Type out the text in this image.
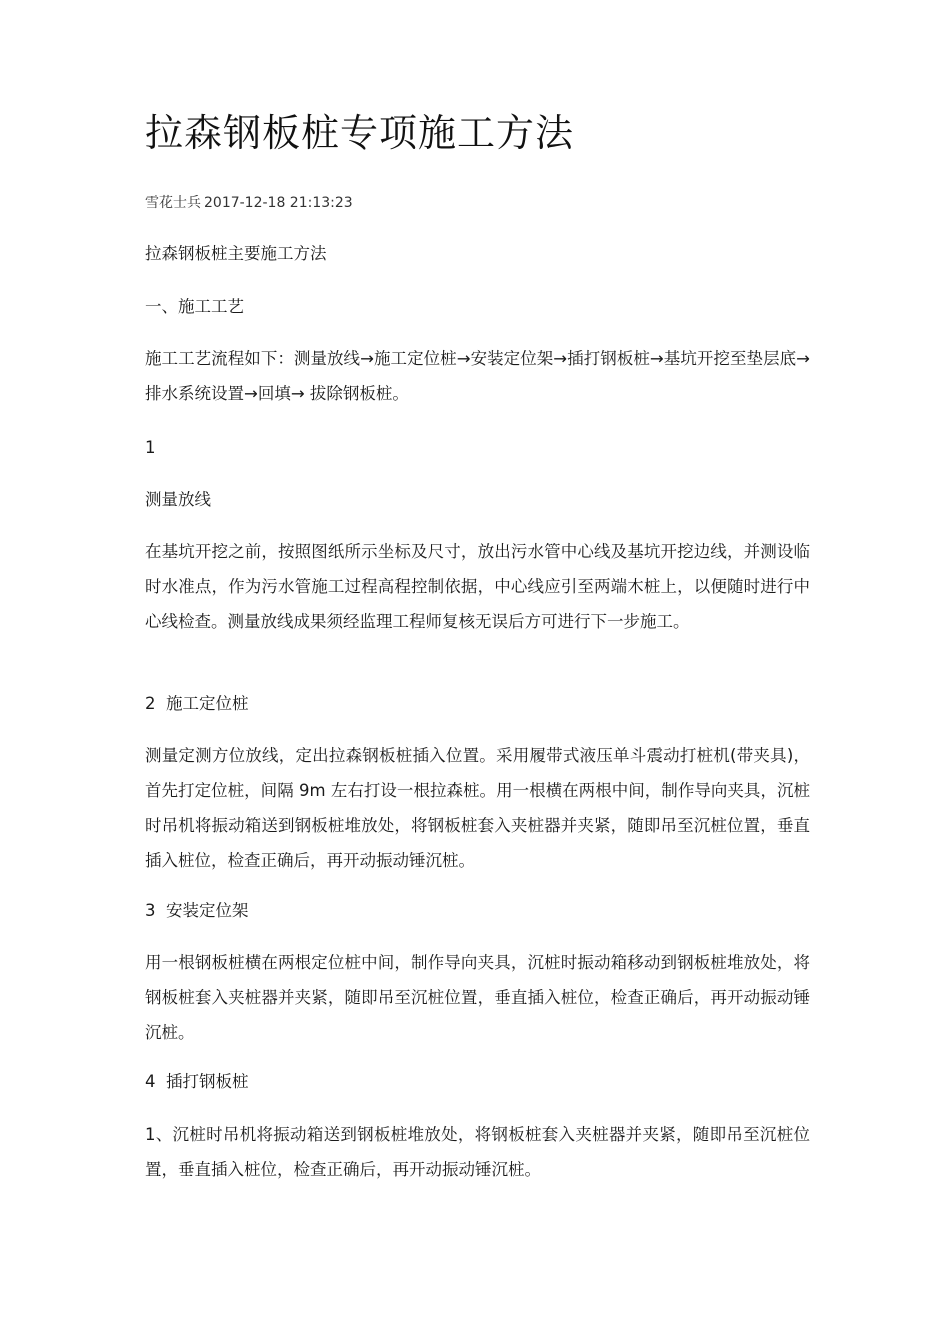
拉森钢板桩专项施工方法
雪花士兵 2017-12-18 21:13:23

拉森钢板桩主要施工方法

一、施工工艺

施工工艺流程如下：测量放线→施工定位桩→安装定位架→插打钢板桩→基坑开挖至垫层底→排水系统设置→回填→ 拔除钢板桩。

1

测量放线

在基坑开挖之前，按照图纸所示坐标及尺寸，放出污水管中心线及基坑开挖边线，并测设临时水准点，作为污水管施工过程高程控制依据，中心线应引至两端木桩上，以便随时进行中心线检查。测量放线成果须经监理工程师复核无误后方可进行下一步施工。

2  施工定位桩

测量定测方位放线，定出拉森钢板桩插入位置。采用履带式液压单斗震动打桩机(带夹具)，首先打定位桩，间隔 9m 左右打设一根拉森桩。用一根横在两根中间，制作导向夹具，沉桩时吊机将振动箱送到钢板桩堆放处，将钢板桩套入夹桩器并夹紧，随即吊至沉桩位置，垂直插入桩位，检查正确后，再开动振动锤沉桩。

3  安装定位架

用一根钢板桩横在两根定位桩中间，制作导向夹具，沉桩时振动箱移动到钢板桩堆放处，将钢板桩套入夹桩器并夹紧，随即吊至沉桩位置，垂直插入桩位，检查正确后，再开动振动锤沉桩。

4  插打钢板桩

1、沉桩时吊机将振动箱送到钢板桩堆放处，将钢板桩套入夹桩器并夹紧，随即吊至沉桩位置，垂直插入桩位，检查正确后，再开动振动锤沉桩。
